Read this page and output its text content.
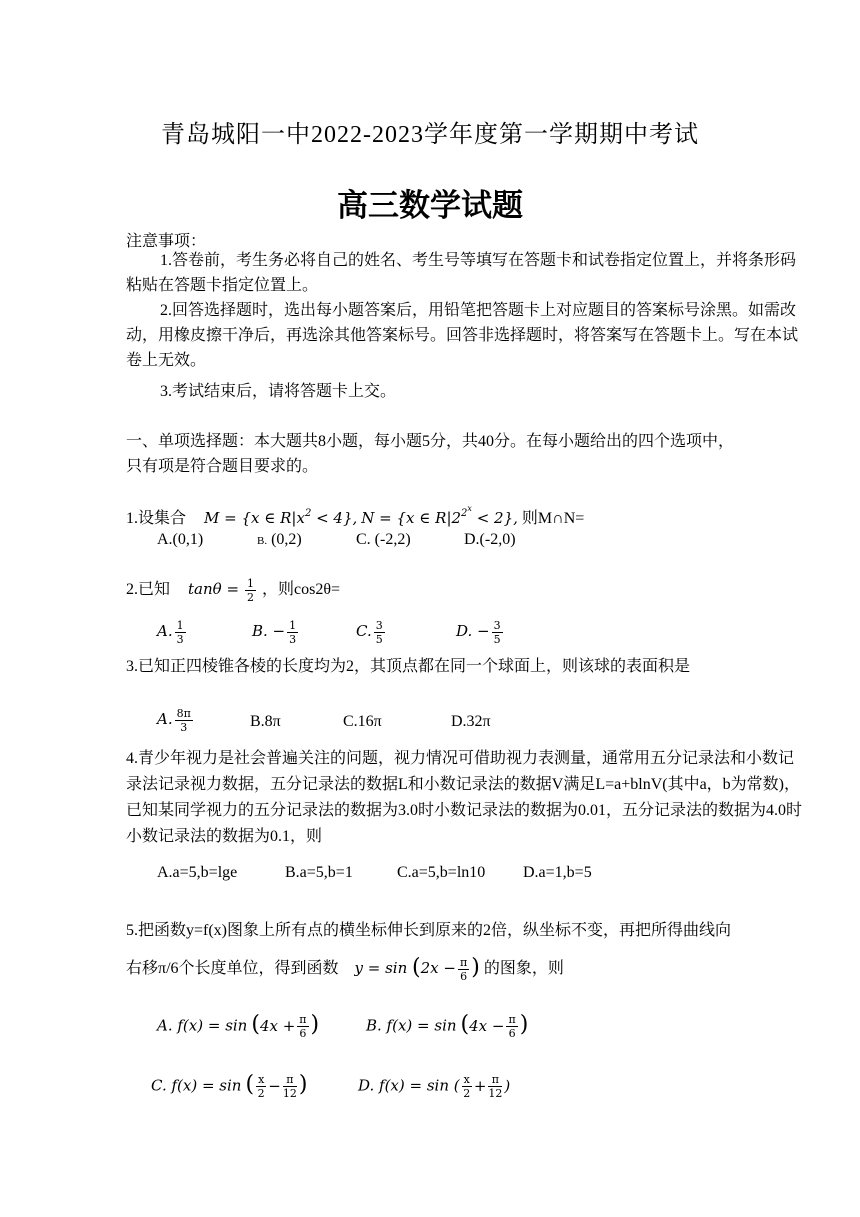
青岛城阳一中2022-2023学年度第一学期期中考试
高三数学试题
注意事项：
1.答卷前，考生务必将自己的姓名、考生号等填写在答题卡和试卷指定位置上，并将条形码粘贴在答题卡指定位置上。
2.回答选择题时，选出每小题答案后，用铅笔把答题卡上对应题目的答案标号涂黑。如需改动，用橡皮擦干净后，再选涂其他答案标号。回答非选择题时，将答案写在答题卡上。写在本试卷上无效。
3.考试结束后，请将答题卡上交。
一、单项选择题：本大题共8小题，每小题5分，共40分。在每小题给出的四个选项中，
只有项是符合题目要求的。
1.设集合 M = {x ∈ $R|x^2 < 4$}, N = {x ∈ $R|2^{2x} < 2$}, 则M∩N=
A.(0,1)	B. (0,2)	C. (-2,2)	D.(-2,0)
2.已知 $\tan\theta = \frac{1}{2}$ ，则cos2θ=
A. $\frac{1}{3}$	B. − $\frac{1}{3}$	C. $\frac{3}{5}$	D. − $\frac{3}{5}$
3.已知正四棱锥各棱的长度均为2，其顶点都在同一个球面上，则该球的表面积是
A. $\frac{8\pi}{3}$	B.8π	C.16π	D.32π
4.青少年视力是社会普遍关注的问题，视力情况可借助视力表测量，通常用五分记录法和小数记录法记录视力数据，五分记录法的数据L和小数记录法的数据V满足L=a+blnV(其中a，b为常数)，已知某同学视力的五分记录法的数据为3.0时小数记录法的数据为0.01，五分记录法的数据为4.0时小数记录法的数据为0.1，则
A.a=5,b=lge	B.a=5,b=1	C.a=5,b=ln10 D.a=1,b=5
5.把函数y=f(x)图象上所有点的横坐标伸长到原来的2倍，纵坐标不变，再把所得曲线向
右移π/6个长度单位，得到函数 $y = \sin (2x - \frac{\pi}{6}$ ) 的图象，则
A. $f(x) = \sin (4x + \frac{\pi}{6}$ )	B. $f(x) = \sin (4x - \frac{\pi}{6}$ )
C. f(x) = sin ( $\frac{x}{2} - \frac{\pi}{12}$ )	D. f(x) = sin ( $\frac{x}{2} + \frac{\pi}{12}$ )
